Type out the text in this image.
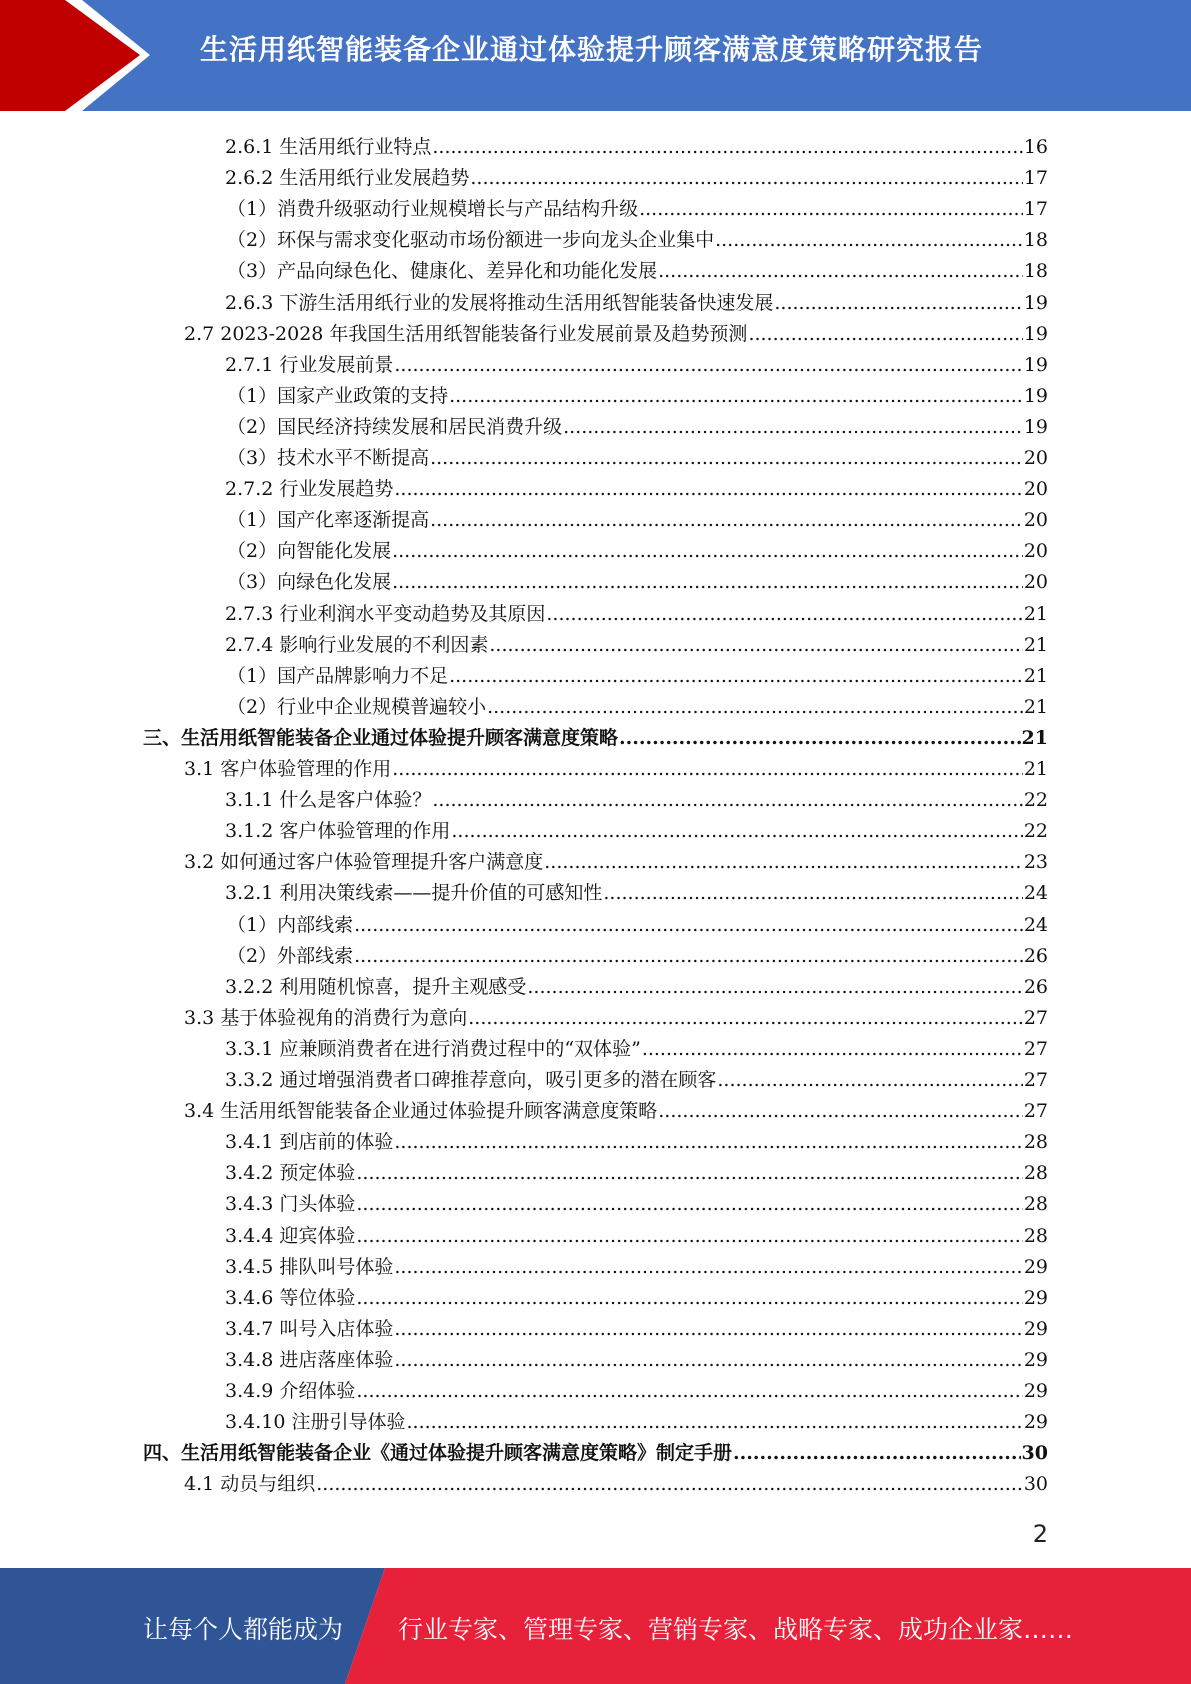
生活用纸智能装备企业通过体验提升顾客满意度策略研究报告
2.6.1 生活用纸行业特点 .....	16
2.6.2 生活用纸行业发展趋势 .....	17
（1）消费升级驱动行业规模增长与产品结构升级 .....	17
（2）环保与需求变化驱动市场份额进一步向龙头企业集中 .....	18
（3）产品向绿色化、健康化、差异化和功能化发展 .....	18
2.6.3 下游生活用纸行业的发展将推动生活用纸智能装备快速发展 .....	19
2.7 2023-2028 年我国生活用纸智能装备行业发展前景及趋势预测 .....	19
2.7.1 行业发展前景 .....	19
（1）国家产业政策的支持 .....	19
（2）国民经济持续发展和居民消费升级 .....	19
（3）技术水平不断提高 .....	20
2.7.2 行业发展趋势 .....	20
（1）国产化率逐渐提高 .....	20
（2）向智能化发展 .....	20
（3）向绿色化发展 .....	20
2.7.3 行业利润水平变动趋势及其原因 .....	21
2.7.4 影响行业发展的不利因素 .....	21
（1）国产品牌影响力不足 .....	21
（2）行业中企业规模普遍较小 .....	21
三、生活用纸智能装备企业通过体验提升顾客满意度策略 .....	21
3.1 客户体验管理的作用 .....	21
3.1.1 什么是客户体验？ .....	22
3.1.2 客户体验管理的作用 .....	22
3.2 如何通过客户体验管理提升客户满意度 .....	23
3.2.1 利用决策线索——提升价值的可感知性 .....	24
（1）内部线索 .....	24
（2）外部线索 .....	26
3.2.2 利用随机惊喜，提升主观感受 .....	26
3.3 基于体验视角的消费行为意向 .....	27
3.3.1 应兼顾消费者在进行消费过程中的“双体验” .....	27
3.3.2 通过增强消费者口碑推荐意向，吸引更多的潜在顾客 .....	27
3.4 生活用纸智能装备企业通过体验提升顾客满意度策略 .....	27
3.4.1 到店前的体验 .....	28
3.4.2 预定体验 .....	28
3.4.3 门头体验 .....	28
3.4.4 迎宾体验 .....	28
3.4.5 排队叫号体验 .....	29
3.4.6 等位体验 .....	29
3.4.7 叫号入店体验 .....	29
3.4.8 进店落座体验 .....	29
3.4.9 介绍体验 .....	29
3.4.10 注册引导体验 .....	29
四、生活用纸智能装备企业《通过体验提升顾客满意度策略》制定手册 .....	30
4.1 动员与组织 .....	30
2
让每个人都能成为 行业专家、管理专家、营销专家、战略专家、成功企业家……
